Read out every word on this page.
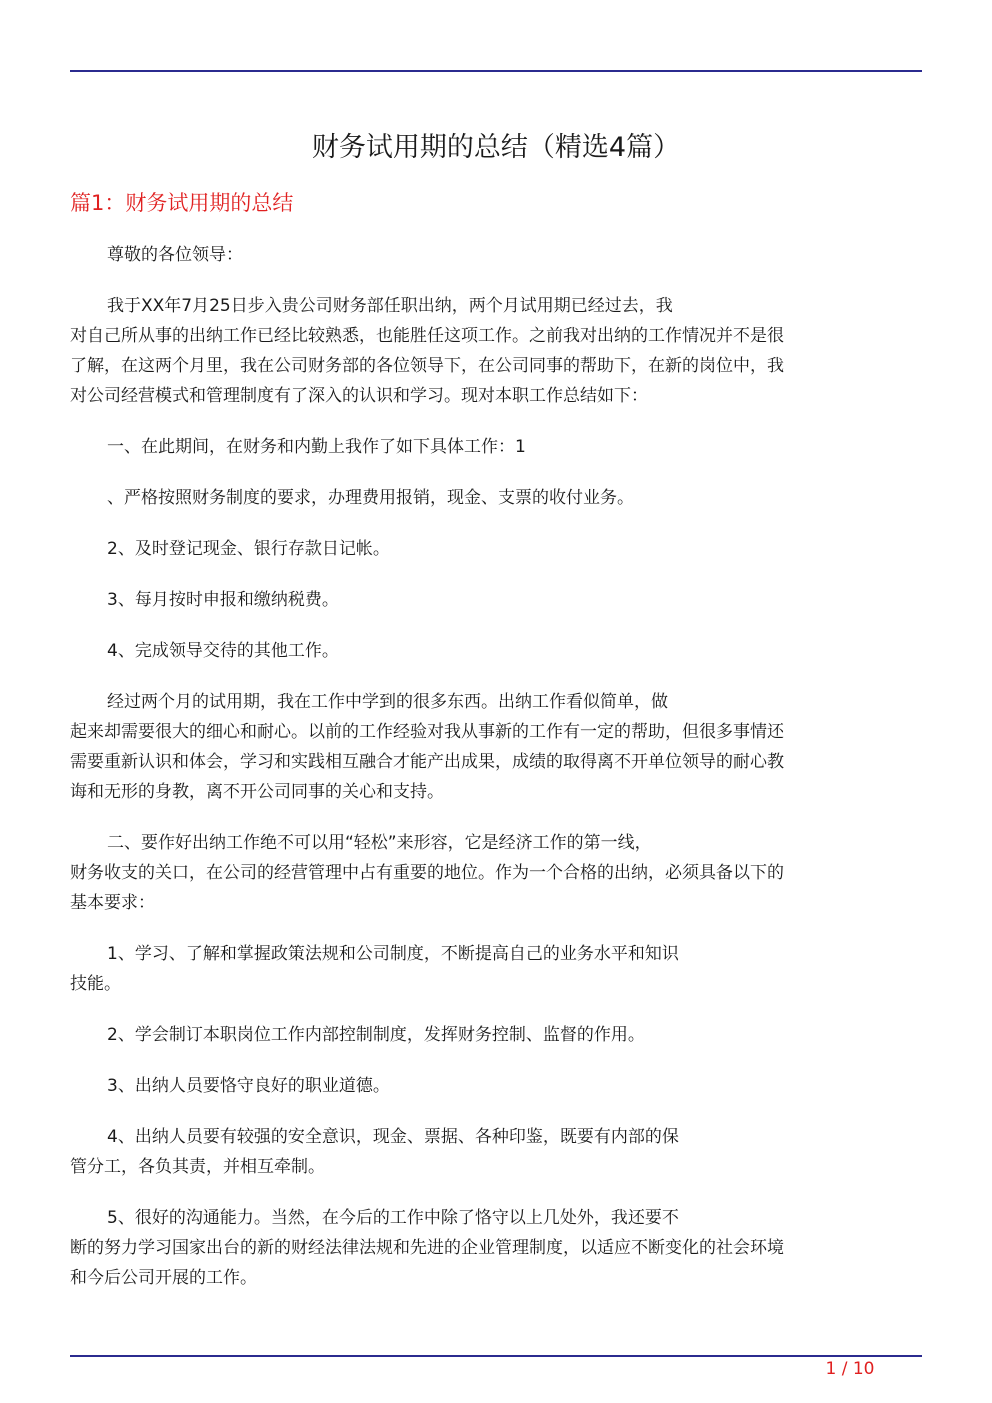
财务试用期的总结（精选4篇）
篇1：财务试用期的总结

尊敬的各位领导：

我于XX年7月25日步入贵公司财务部任职出纳，两个月试用期已经过去，我
对自己所从事的出纳工作已经比较熟悉，也能胜任这项工作。之前我对出纳的工作情况并不是很
了解，在这两个月里，我在公司财务部的各位领导下，在公司同事的帮助下，在新的岗位中，我
对公司经营模式和管理制度有了深入的认识和学习。现对本职工作总结如下：

一、在此期间，在财务和内勤上我作了如下具体工作：1

、严格按照财务制度的要求，办理费用报销，现金、支票的收付业务。

2、及时登记现金、银行存款日记帐。

3、每月按时申报和缴纳税费。

4、完成领导交待的其他工作。

经过两个月的试用期，我在工作中学到的很多东西。出纳工作看似简单，做
起来却需要很大的细心和耐心。以前的工作经验对我从事新的工作有一定的帮助，但很多事情还
需要重新认识和体会，学习和实践相互融合才能产出成果，成绩的取得离不开单位领导的耐心教
诲和无形的身教，离不开公司同事的关心和支持。

二、要作好出纳工作绝不可以用“轻松”来形容，它是经济工作的第一线，
财务收支的关口，在公司的经营管理中占有重要的地位。作为一个合格的出纳，必须具备以下的
基本要求：

1、学习、了解和掌握政策法规和公司制度，不断提高自己的业务水平和知识
技能。

2、学会制订本职岗位工作内部控制制度，发挥财务控制、监督的作用。

3、出纳人员要恪守良好的职业道德。

4、出纳人员要有较强的安全意识，现金、票据、各种印鉴，既要有内部的保
管分工，各负其责，并相互牵制。

5、很好的沟通能力。当然，在今后的工作中除了恪守以上几处外，我还要不
断的努力学习国家出台的新的财经法律法规和先进的企业管理制度，以适应不断变化的社会环境
和今后公司开展的工作。

1 / 10
